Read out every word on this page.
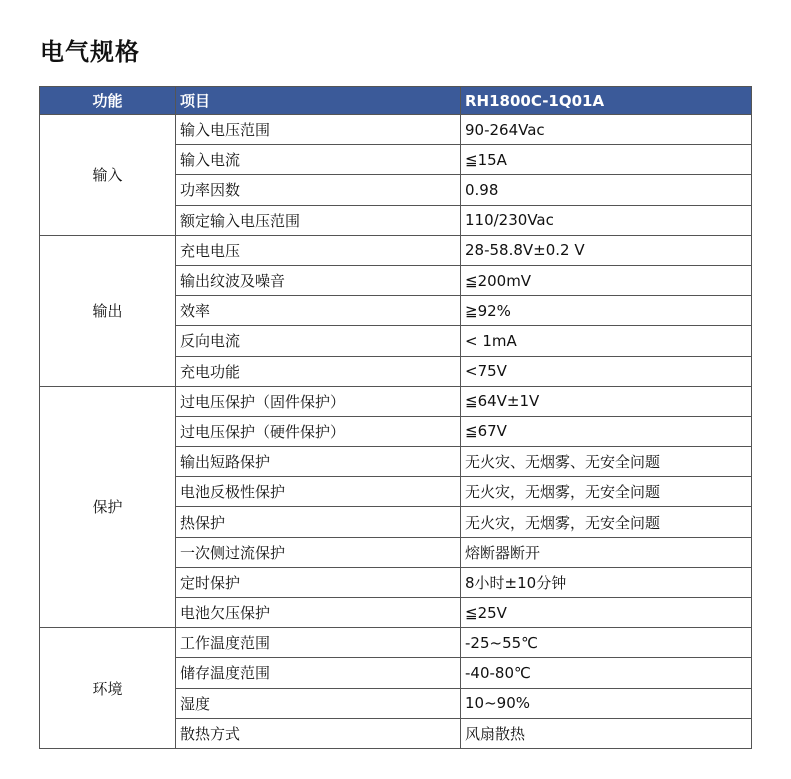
电气规格
功能	项目	RH1800C-1Q01A
输入	输入电压范围	90-264Vac
	输入电流	≦15A
	功率因数	0.98
	额定输入电压范围	110/230Vac
输出	充电电压	28-58.8V±0.2 V
	输出纹波及噪音	≦200mV
	效率	≧92%
	反向电流	< 1mA
	充电功能	<75V
保护	过电压保护（固件保护）	≦64V±1V
	过电压保护（硬件保护）	≦67V
	输出短路保护	无火灾、无烟雾、无安全问题
	电池反极性保护	无火灾，无烟雾，无安全问题
	热保护	无火灾，无烟雾，无安全问题
	一次侧过流保护	熔断器断开
	定时保护	8小时±10分钟
	电池欠压保护	≦25V
环境	工作温度范围	-25~55℃
	储存温度范围	-40-80℃
	湿度	10~90%
	散热方式	风扇散热
